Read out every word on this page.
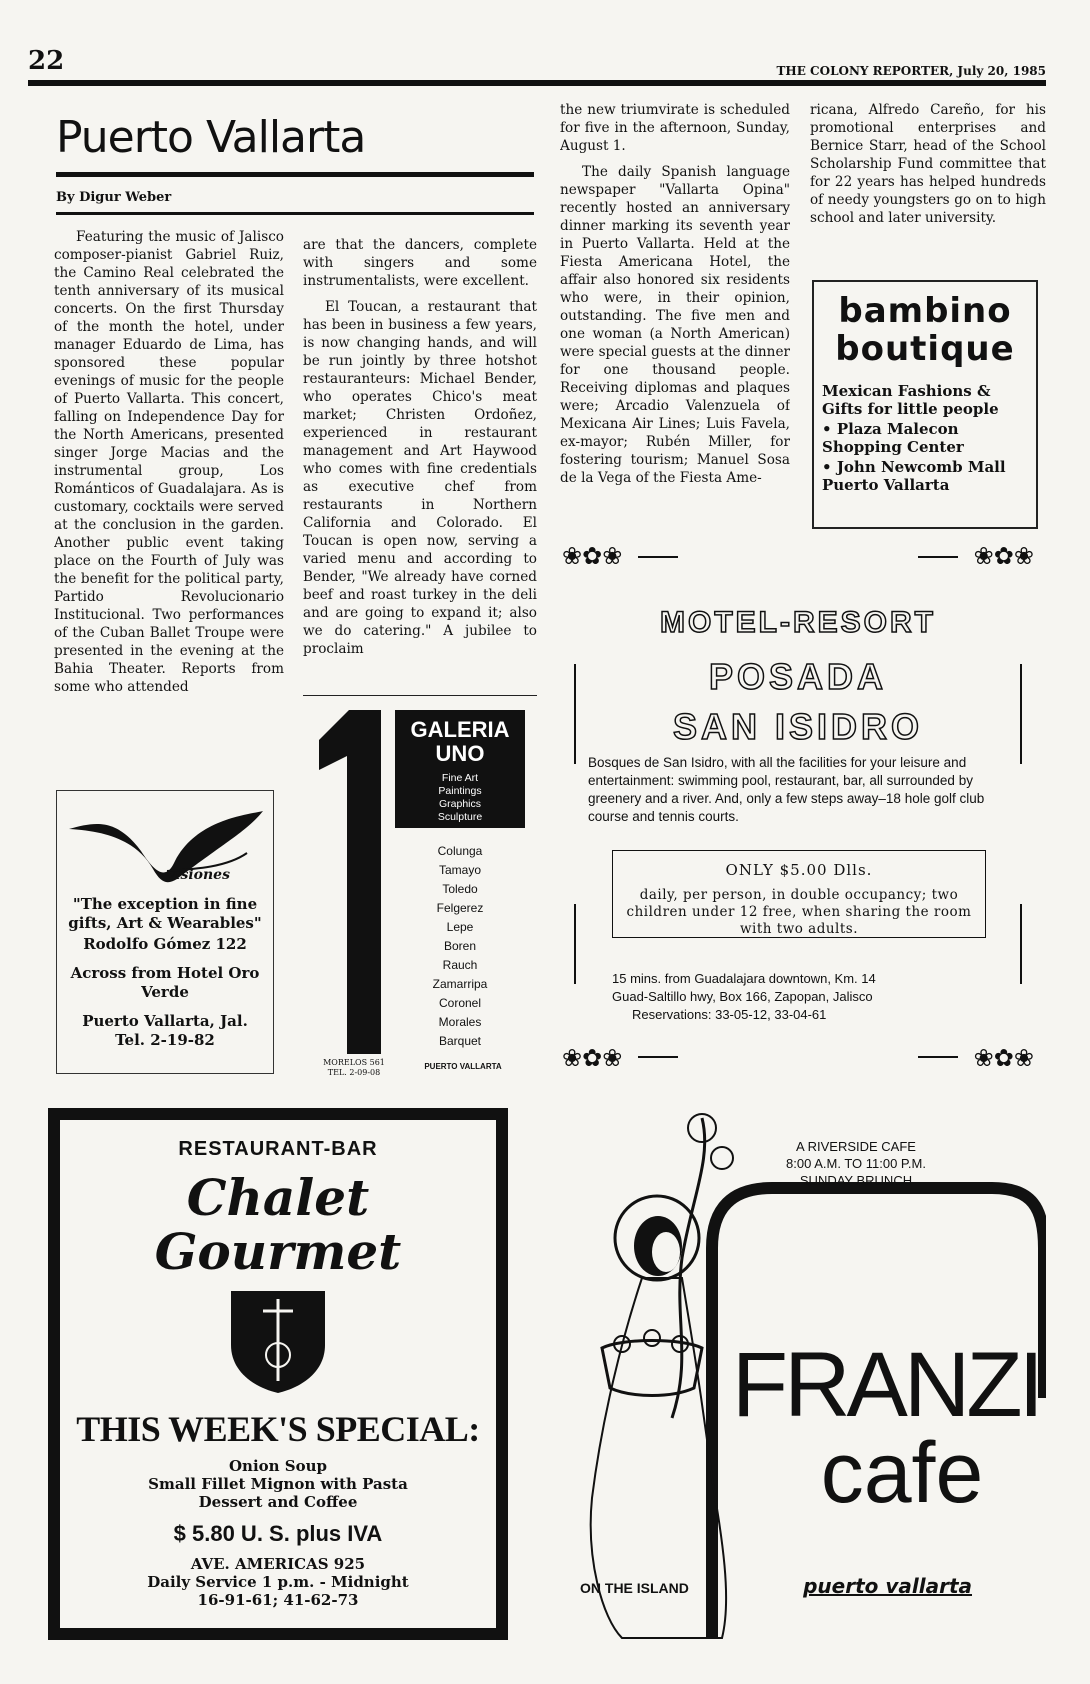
22	THE COLONY REPORTER, July 20, 1985
Puerto Vallarta
By Digur Weber

Featuring the music of Jalisco composer-pianist Gabriel Ruiz, the Camino Real celebrated the tenth anniversary of its musical concerts. On the first Thursday of the month the hotel, under manager Eduardo de Lima, has sponsored these popular evenings of music for the people of Puerto Vallarta. This concert, falling on Independence Day for the North Americans, presented singer Jorge Macias and the instrumental group, Los Románticos of Guadalajara. As is customary, cocktails were served at the conclusion in the garden. Another public event taking place on the Fourth of July was the benefit for the political party, Partido Revolucionario Institucional. Two performances of the Cuban Ballet Troupe were presented in the evening at the Bahia Theater. Reports from some who attended

are that the dancers, complete with singers and some instrumentalists, were excellent.

El Toucan, a restaurant that has been in business a few years, is now changing hands, and will be run jointly by three hotshot restauranteurs: Michael Bender, who operates Chico's meat market; Christen Ordoñez, experienced in restaurant management and Art Haywood who comes with fine credentials as executive chef from restaurants in Northern California and Colorado. El Toucan is open now, serving a varied menu and according to Bender, "We already have corned beef and roast turkey in the deli and are going to expand it; also we do catering." A jubilee to proclaim

the new triumvirate is scheduled for five in the afternoon, Sunday, August 1.

The daily Spanish language newspaper "Vallarta Opina" recently hosted an anniversary dinner marking its seventh year in Puerto Vallarta. Held at the Fiesta Americana Hotel, the affair also honored six residents who were, in their opinion, outstanding. The five men and one woman (a North American) were special guests at the dinner for one thousand people. Receiving diplomas and plaques were; Arcadio Valenzuela of Mexicana Air Lines; Luis Favela, ex-mayor; Rubén Miller, for fostering tourism; Manuel Sosa de la Vega of the Fiesta Ame-

ricana, Alfredo Careño, for his promotional enterprises and Bernice Starr, head of the School Scholarship Fund committee that for 22 years has helped hundreds of needy youngsters go on to high school and later university.

bambino boutique
Mexican Fashions & Gifts for little people
• Plaza Malecon Shopping Center
• John Newcomb Mall Puerto Vallarta
visiones
"The exception in fine gifts, Art & Wearables"
Rodolfo Gómez 122
Across from Hotel Oro Verde
Puerto Vallarta, Jal.
Tel. 2-19-82
GALERIA
UNO
Fine Art
Paintings
Graphics
Sculpture
Colunga
Tamayo
Toledo
Felgerez
Lepe
Boren
Rauch
Zamarripa
Coronel
Morales
Barquet
MORELOS 561
TEL. 2-09-08
PUERTO VALLARTA
❀✿❀	❀✿❀
❀✿❀	❀✿❀
MOTEL-RESORT
POSADA
SAN ISIDRO
Bosques de San Isidro, with all the facilities for your leisure and entertainment: swimming pool, restaurant, bar, all surrounded by greenery and a river. And, only a few steps away–18 hole golf club course and tennis courts.
ONLY $5.00 Dlls.
daily, per person, in double occupancy; two children under 12 free, when sharing the room with two adults.
15 mins. from Guadalajara downtown, Km. 14
Guad-Saltillo hwy, Box 166, Zapopan, Jalisco
Reservations: 33-05-12, 33-04-61
RESTAURANT-BAR
Chalet Gourmet
THIS WEEK'S SPECIAL:
Onion Soup
Small Fillet Mignon with Pasta
Dessert and Coffee
$ 5.80 U. S. plus IVA
AVE. AMERICAS 925
Daily Service 1 p.m. - Midnight
16-91-61; 41-62-73
A RIVERSIDE CAFE
8:00 A.M. TO 11:00 P.M.
SUNDAY BRUNCH
FRANZI
cafe
ON THE ISLAND	puerto vallarta
